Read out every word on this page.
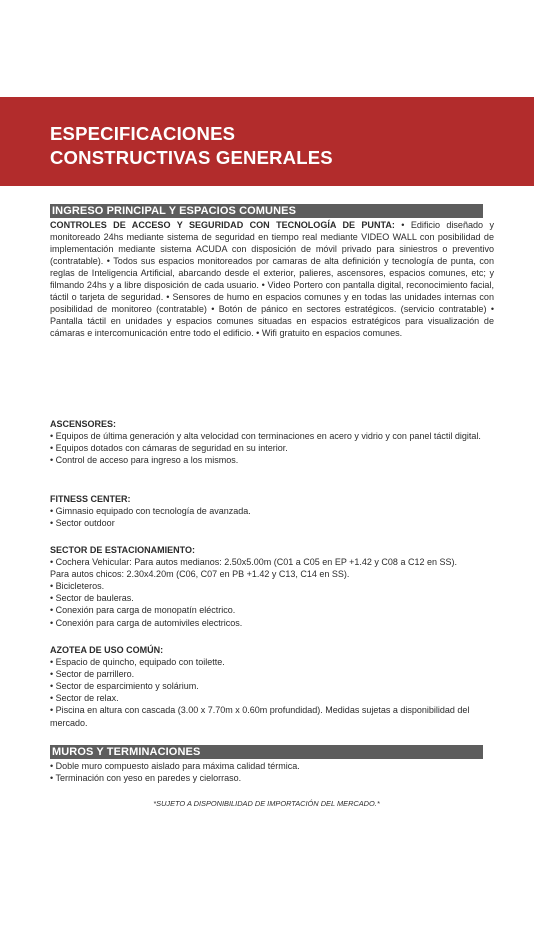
ESPECIFICACIONES
CONSTRUCTIVAS GENERALES
INGRESO PRINCIPAL Y ESPACIOS COMUNES

CONTROLES DE ACCESO Y SEGURIDAD CON TECNOLOGÍA DE PUNTA: • Edificio diseñado y monitoreado 24hs mediante sistema de seguridad en tiempo real mediante VIDEO WALL con posibilidad de implementación mediante sistema ACUDA con disposición de móvil privado para siniestros o preventivo (contratable). • Todos sus espacios monitoreados por camaras de alta definición y tecnología de punta, con reglas de Inteligencia Artificial, abarcando desde el exterior, palieres, ascensores, espacios comunes, etc; y filmando 24hs y a libre disposición de cada usuario. • Video Portero con pantalla digital, reconocimiento facial, táctil o tarjeta de seguridad. • Sensores de humo en espacios comunes y en todas las unidades internas con posibilidad de monitoreo (contratable) • Botón de pánico en sectores estratégicos. (servicio contratable) • Pantalla táctil en unidades y espacios comunes situadas en espacios estratégicos para visualización de cámaras e intercomunicación entre todo el edificio. • Wifi gratuito en espacios comunes.

ASCENSORES:

• Equipos de última generación y alta velocidad con terminaciones en acero y vidrio y con panel táctil digital.
• Equipos dotados con cámaras de seguridad en su interior.
• Control de acceso para ingreso a los mismos.

FITNESS CENTER:

• Gimnasio equipado con tecnología de avanzada.
• Sector outdoor

SECTOR DE ESTACIONAMIENTO:

• Cochera Vehicular: Para autos medianos: 2.50x5.00m (C01 a C05 en EP +1.42 y C08 a C12 en SS).
Para autos chicos: 2.30x4.20m (C06, C07 en PB +1.42 y C13, C14 en SS).
• Bicicleteros.
• Sector de bauleras.
• Conexión para carga de monopatín eléctrico.
• Conexión para carga de automiviles electricos.

AZOTEA DE USO COMÚN:

• Espacio de quincho, equipado con toilette.
• Sector de parrillero.
• Sector de esparcimiento y solárium.
• Sector de relax.
• Piscina en altura con cascada (3.00 x 7.70m x 0.60m profundidad). Medidas sujetas a disponibilidad del mercado.
MUROS Y TERMINACIONES
• Doble muro compuesto aislado para máxima calidad térmica.
• Terminación con yeso en paredes y cielorraso.
*SUJETO A DISPONIBILIDAD DE IMPORTACIÓN DEL MERCADO.*
